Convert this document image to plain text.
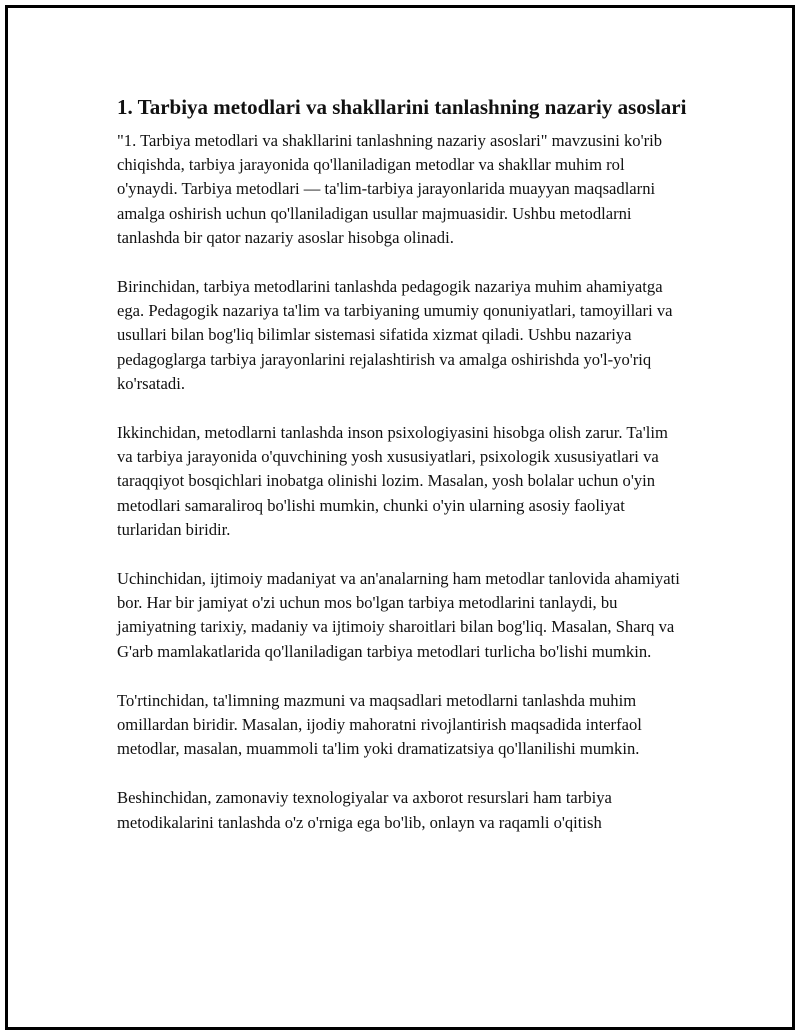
1. Tarbiya metodlari va shakllarini tanlashning nazariy asoslari

"1. Tarbiya metodlari va shakllarini tanlashning nazariy asoslari" mavzusini ko'rib chiqishda, tarbiya jarayonida qo'llaniladigan metodlar va shakllar muhim rol o'ynaydi. Tarbiya metodlari — ta'lim-tarbiya jarayonlarida muayyan maqsadlarni amalga oshirish uchun qo'llaniladigan usullar majmuasidir. Ushbu metodlarni tanlashda bir qator nazariy asoslar hisobga olinadi.

Birinchidan, tarbiya metodlarini tanlashda pedagogik nazariya muhim ahamiyatga ega. Pedagogik nazariya ta'lim va tarbiyaning umumiy qonuniyatlari, tamoyillari va usullari bilan bog'liq bilimlar sistemasi sifatida xizmat qiladi. Ushbu nazariya pedagoglarga tarbiya jarayonlarini rejalashtirish va amalga oshirishda yo'l-yo'riq ko'rsatadi.

Ikkinchidan, metodlarni tanlashda inson psixologiyasini hisobga olish zarur. Ta'lim va tarbiya jarayonida o'quvchining yosh xususiyatlari, psixologik xususiyatlari va taraqqiyot bosqichlari inobatga olinishi lozim. Masalan, yosh bolalar uchun o'yin metodlari samaraliroq bo'lishi mumkin, chunki o'yin ularning asosiy faoliyat turlaridan biridir.

Uchinchidan, ijtimoiy madaniyat va an'analarning ham metodlar tanlovida ahamiyati bor. Har bir jamiyat o'zi uchun mos bo'lgan tarbiya metodlarini tanlaydi, bu jamiyatning tarixiy, madaniy va ijtimoiy sharoitlari bilan bog'liq. Masalan, Sharq va G'arb mamlakatlarida qo'llaniladigan tarbiya metodlari turlicha bo'lishi mumkin.

To'rtinchidan, ta'limning mazmuni va maqsadlari metodlarni tanlashda muhim omillardan biridir. Masalan, ijodiy mahoratni rivojlantirish maqsadida interfaol metodlar, masalan, muammoli ta'lim yoki dramatizatsiya qo'llanilishi mumkin.

Beshinchidan, zamonaviy texnologiyalar va axborot resurslari ham tarbiya metodikalarini tanlashda o'z o'rniga ega bo'lib, onlayn va raqamli o'qitish
